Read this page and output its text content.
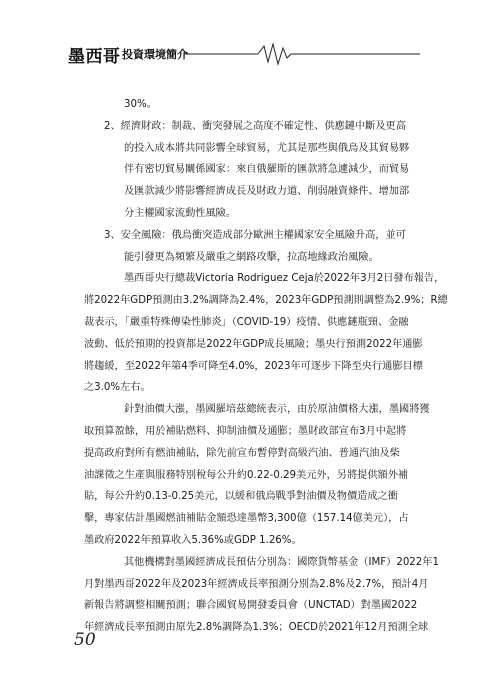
墨西哥 投資環境簡介
30%。
2、經濟財政：制裁、衝突發展之高度不確定性、供應鏈中斷及更高
的投入成本將共同影響全球貿易，尤其是那些與俄烏及其貿易夥
伴有密切貿易關係國家：來自俄羅斯的匯款將急遽減少，而貿易
及匯款減少將影響經濟成長及財政力道、削弱融資條件、增加部
分主權國家流動性風險。
3、安全風險：俄烏衝突造成部分歐洲主權國家安全風險升高，並可
能引發更為頻繁及嚴重之網路攻擊，拉高地緣政治風險。
墨西哥央行總裁Victoria Rodriguez Ceja於2022年3月2日發布報告，
將2022年GDP預測由3.2%調降為2.4%，2023年GDP預測則調整為2.9%；R總
裁表示，「嚴重特殊傳染性肺炎」（COVID-19）疫情、供應鏈瓶頸、金融
波動、低於預期的投資都是2022年GDP成長風險；墨央行預測2022年通膨
將趨緩，至2022年第4季可降至4.0%，2023年可逐步下降至央行通膨目標
之3.0%左右。
針對油價大漲，墨國羅培茲總統表示，由於原油價格大漲，墨國將獲
取預算盈餘，用於補貼燃料、抑制油價及通膨；墨財政部宣布3月中起將
提高政府對所有燃油補貼，除先前宣布暫停對高級汽油、普通汽油及柴
油課徵之生產與服務特別稅每公升約0.22-0.29美元外，另將提供額外補
貼，每公升約0.13-0.25美元，以緩和俄烏戰爭對油價及物價造成之衝
擊，專家估計墨國燃油補貼金額恐達墨幣3,300億（157.14億美元），占
墨政府2022年預算收入5.36%或GDP 1.26%。
其他機構對墨國經濟成長預估分別為：國際貨幣基金（IMF）2022年1
月對墨西哥2022年及2023年經濟成長率預測分別為2.8%及2.7%，預計4月
新報告將調整相關預測；聯合國貿易開發委員會（UNCTAD）對墨國2022
年經濟成長率預測由原先2.8%調降為1.3%；OECD於2021年12月預測全球
50
